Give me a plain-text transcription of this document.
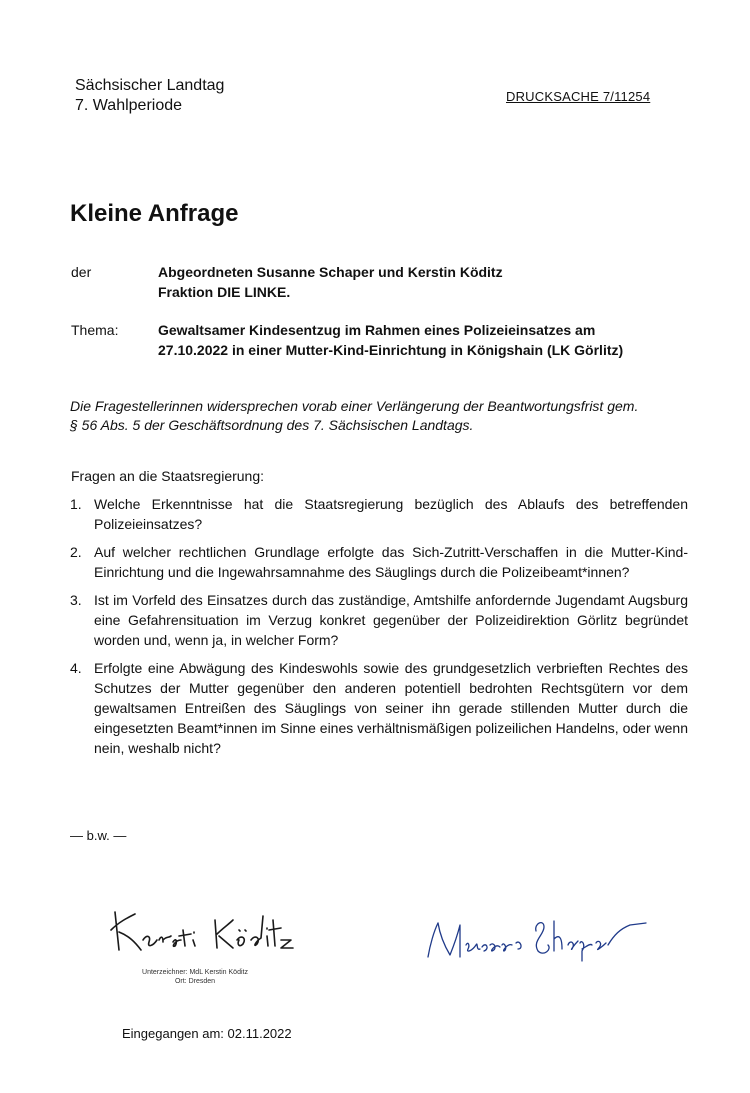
Sächsischer Landtag
7. Wahlperiode
DRUCKSACHE 7/11254
Kleine Anfrage
der	Abgeordneten Susanne Schaper und Kerstin Köditz
Fraktion DIE LINKE.
Thema:	Gewaltsamer Kindesentzug im Rahmen eines Polizeieinsatzes am
27.10.2022 in einer Mutter-Kind-Einrichtung in Königshain (LK Görlitz)
Die Fragestellerinnen widersprechen vorab einer Verlängerung der Beantwortungsfrist gem.
§ 56 Abs. 5 der Geschäftsordnung des 7. Sächsischen Landtags.
Fragen an die Staatsregierung:
1. Welche Erkenntnisse hat die Staatsregierung bezüglich des Ablaufs des betreffenden Polizeieinsatzes?
2. Auf welcher rechtlichen Grundlage erfolgte das Sich-Zutritt-Verschaffen in die Mutter-Kind-Einrichtung und die Ingewahrsamnahme des Säuglings durch die Polizeibeamt*innen?
3. Ist im Vorfeld des Einsatzes durch das zuständige, Amtshilfe anfordernde Jugendamt Augsburg eine Gefahrensituation im Verzug konkret gegenüber der Polizeidirektion Görlitz begründet worden und, wenn ja, in welcher Form?
4. Erfolgte eine Abwägung des Kindeswohls sowie des grundgesetzlich verbrieften Rechtes des Schutzes der Mutter gegenüber den anderen potentiell bedrohten Rechtsgütern vor dem gewaltsamen Entreißen des Säuglings von seiner ihn gerade stillenden Mutter durch die eingesetzten Beamt*innen im Sinne eines verhältnismäßigen polizeilichen Handelns, oder wenn nein, weshalb nicht?
— b.w. —
Unterzeichner: MdL Kerstin Köditz
Ort: Dresden
Eingegangen am: 02.11.2022
